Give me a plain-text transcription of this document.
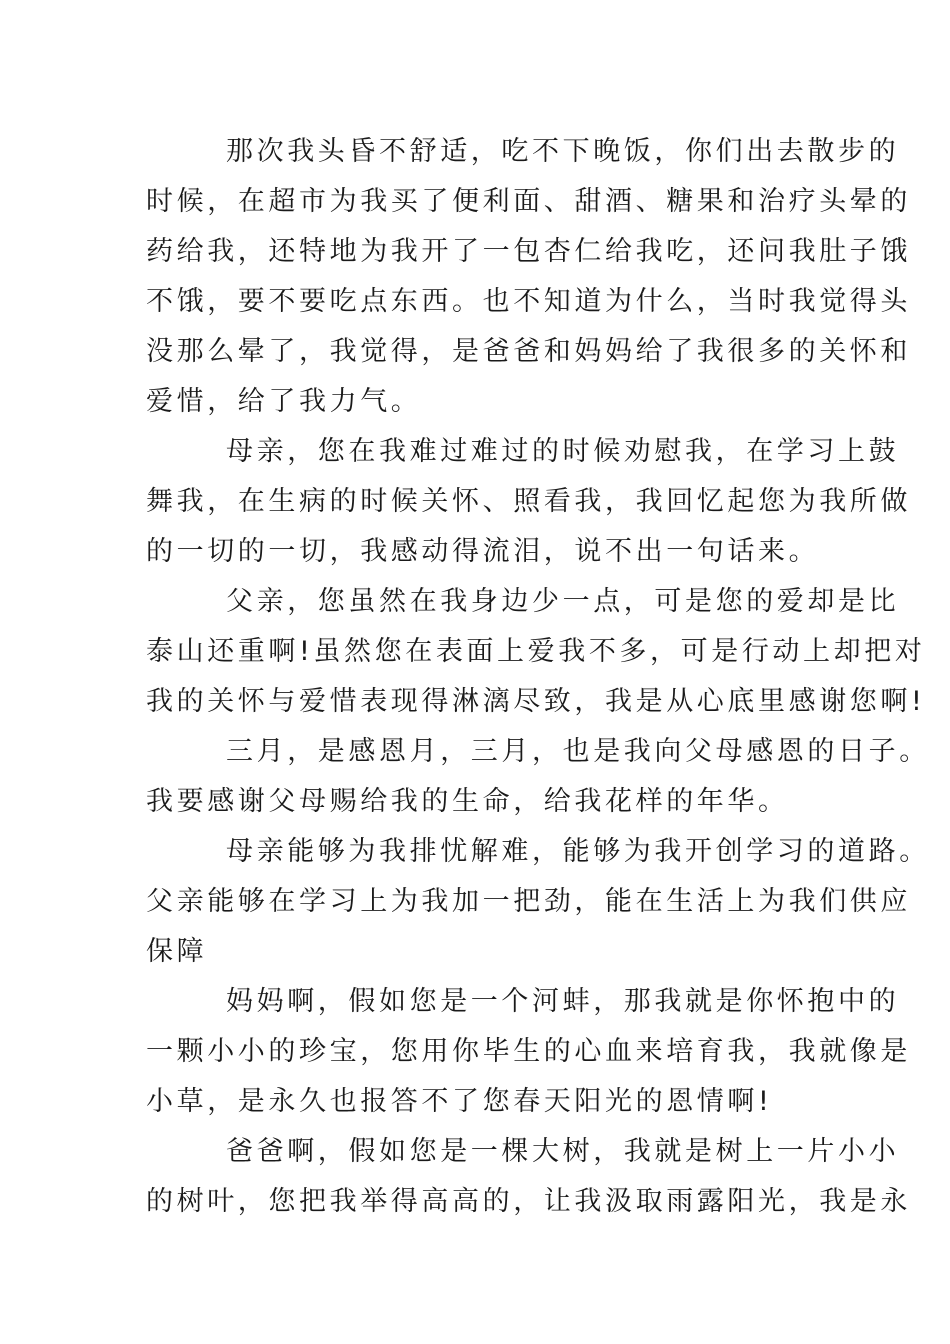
那次我头昏不舒适，吃不下晚饭，你们出去散步的
时候，在超市为我买了便利面、甜酒、糖果和治疗头晕的
药给我，还特地为我开了一包杏仁给我吃，还问我肚子饿
不饿，要不要吃点东西。也不知道为什么，当时我觉得头
没那么晕了，我觉得，是爸爸和妈妈给了我很多的关怀和
爱惜，给了我力气。
母亲，您在我难过难过的时候劝慰我，在学习上鼓
舞我，在生病的时候关怀、照看我，我回忆起您为我所做
的一切的一切，我感动得流泪，说不出一句话来。
父亲，您虽然在我身边少一点，可是您的爱却是比
泰山还重啊!虽然您在表面上爱我不多，可是行动上却把对
我的关怀与爱惜表现得淋漓尽致，我是从心底里感谢您啊!
三月，是感恩月，三月，也是我向父母感恩的日子。
我要感谢父母赐给我的生命，给我花样的年华。
母亲能够为我排忧解难，能够为我开创学习的道路。
父亲能够在学习上为我加一把劲，能在生活上为我们供应
保障
妈妈啊，假如您是一个河蚌，那我就是你怀抱中的
一颗小小的珍宝，您用你毕生的心血来培育我，我就像是
小草，是永久也报答不了您春天阳光的恩情啊!
爸爸啊，假如您是一棵大树，我就是树上一片小小
的树叶，您把我举得高高的，让我汲取雨露阳光，我是永
